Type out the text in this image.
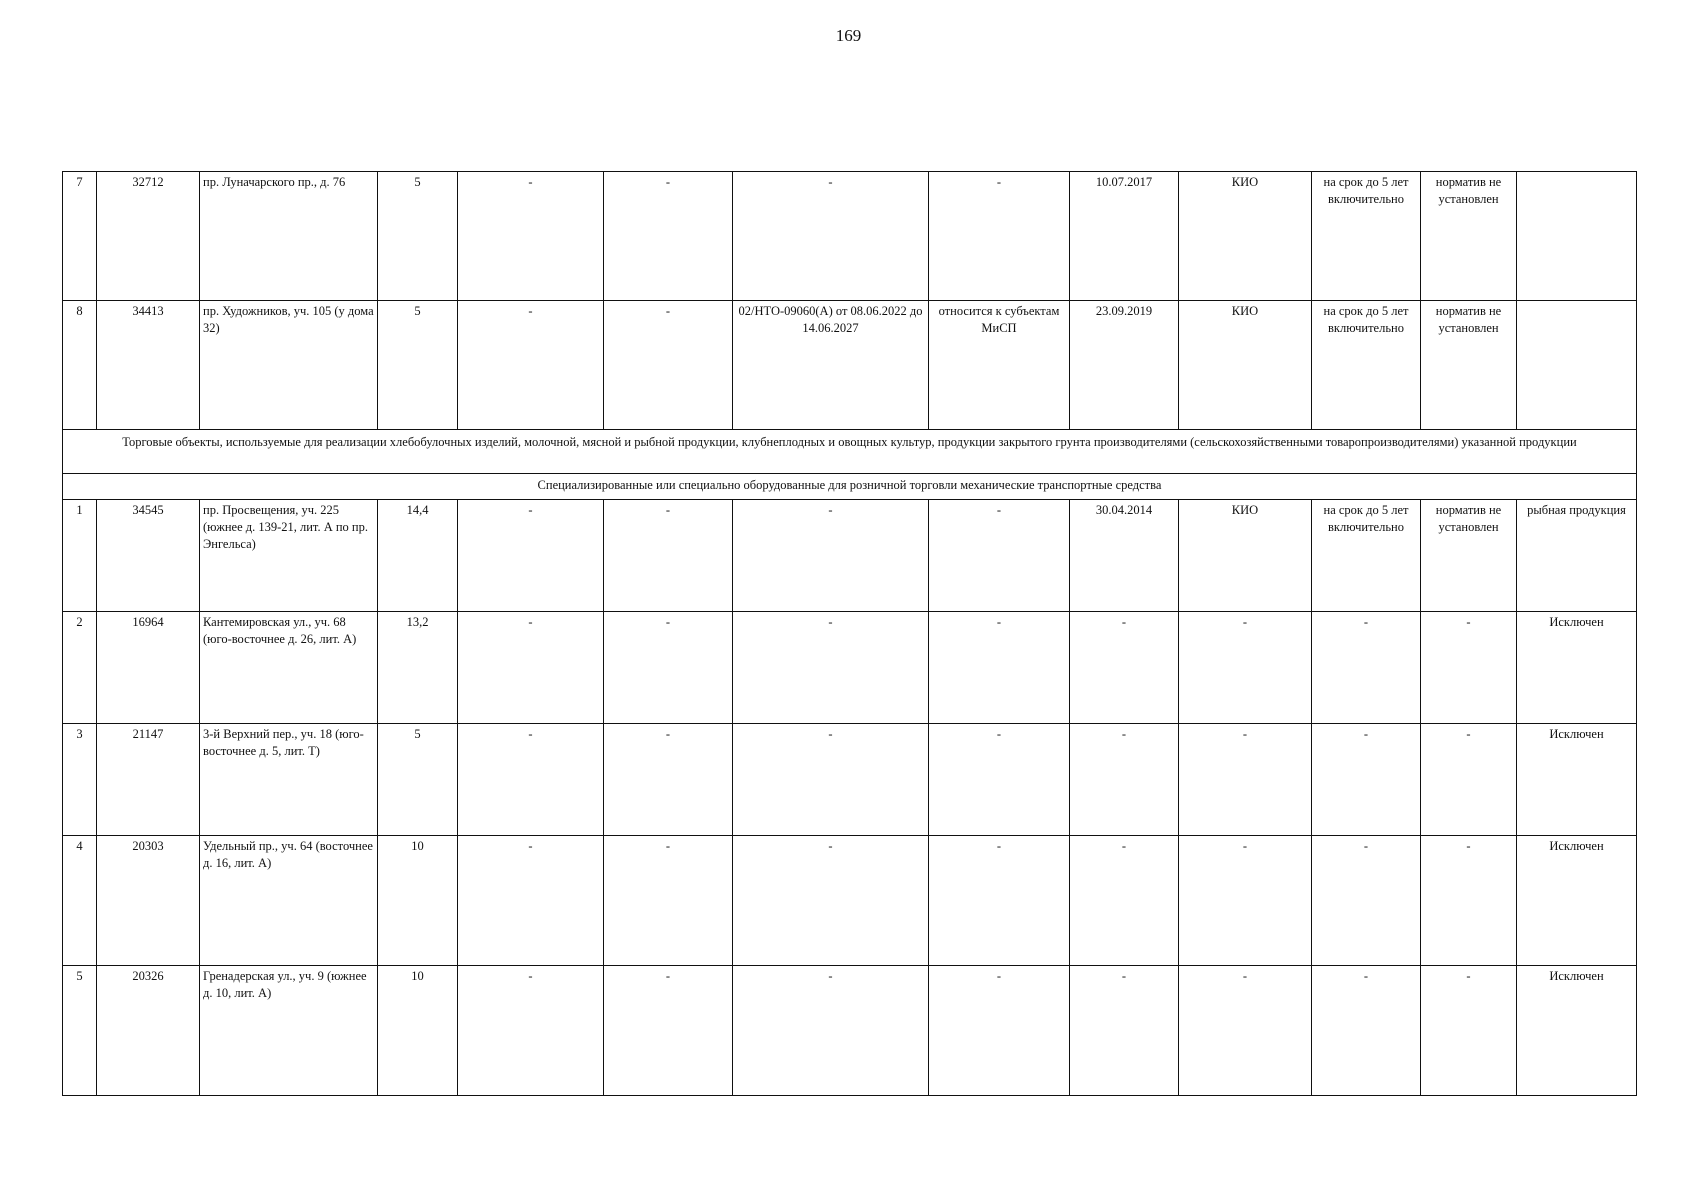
169
7	32712	пр. Луначарского пр., д. 76	5	-	-	-	-	10.07.2017	КИО	на срок до 5 лет включительно	норматив не установлен	
8	34413	пр. Художников, уч. 105 (у дома 32)	5	-	-	02/НТО-09060(А) от 08.06.2022 до 14.06.2027	относится к субъектам МиСП	23.09.2019	КИО	на срок до 5 лет включительно	норматив не установлен	
Торговые объекты, используемые для реализации хлебобулочных изделий, молочной, мясной и рыбной продукции, клубнеплодных и овощных культур, продукции закрытого грунта производителями (сельскохозяйственными товаропроизводителями) указанной продукции												
Специализированные или специально оборудованные для розничной торговли механические транспортные средства												
1	34545	пр. Просвещения, уч. 225 (южнее д. 139-21, лит. А по пр. Энгельса)	14,4	-	-	-	-	30.04.2014	КИО	на срок до 5 лет включительно	норматив не установлен	рыбная продукция
2	16964	Кантемировская ул., уч. 68 (юго-восточнее д. 26, лит. А)	13,2	-	-	-	-	-	-	-	-	Исключен
3	21147	3-й Верхний пер., уч. 18 (юго-восточнее д. 5, лит. Т)	5	-	-	-	-	-	-	-	-	Исключен
4	20303	Удельный пр., уч. 64 (восточнее д. 16, лит. А)	10	-	-	-	-	-	-	-	-	Исключен
5	20326	Гренадерская ул., уч. 9 (южнее д. 10, лит. А)	10	-	-	-	-	-	-	-	-	Исключен
